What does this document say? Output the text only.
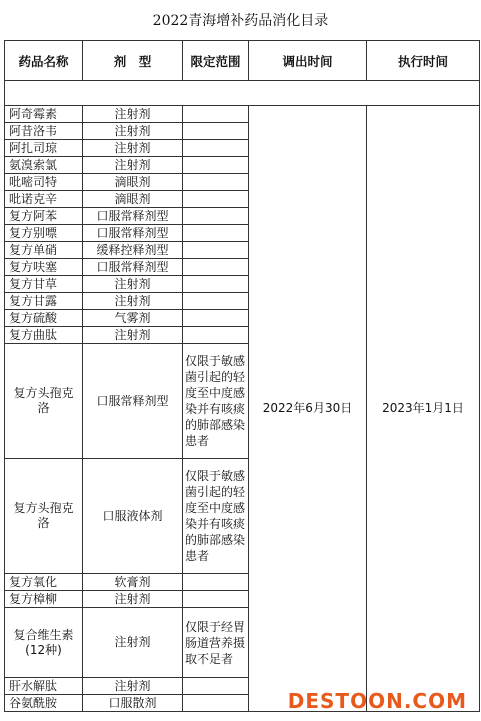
2022青海增补药品消化目录
药品名称	剂　型	限定范围	调出时间	执行时间

阿奇霉素	注射剂		2022年6月30日	2023年1月1日
阿昔洛韦	注射剂			
阿扎司琼	注射剂			
氨溴索氯	注射剂			
吡嘧司特	滴眼剂			
吡诺克辛	滴眼剂			
复方阿苯	口服常释剂型			
复方别嘌	口服常释剂型			
复方单硝	缓释控释剂型			
复方呋塞	口服常释剂型			
复方甘草	注射剂			
复方甘露	注射剂			
复方硫酸	气雾剂			
复方曲肽	注射剂			
复方头孢克洛	口服常释剂型	仅限于敏感菌引起的轻度至中度感染并有咳痰的肺部感染患者		
复方头孢克洛	口服液体剂	仅限于敏感菌引起的轻度至中度感染并有咳痰的肺部感染患者		
复方氧化	软膏剂			
复方樟柳	注射剂			
复合维生素(12种)	注射剂	仅限于经胃肠道营养摄取不足者		
肝水解肽	注射剂			
谷氨酰胺	口服散剂				DESTOON.COM
